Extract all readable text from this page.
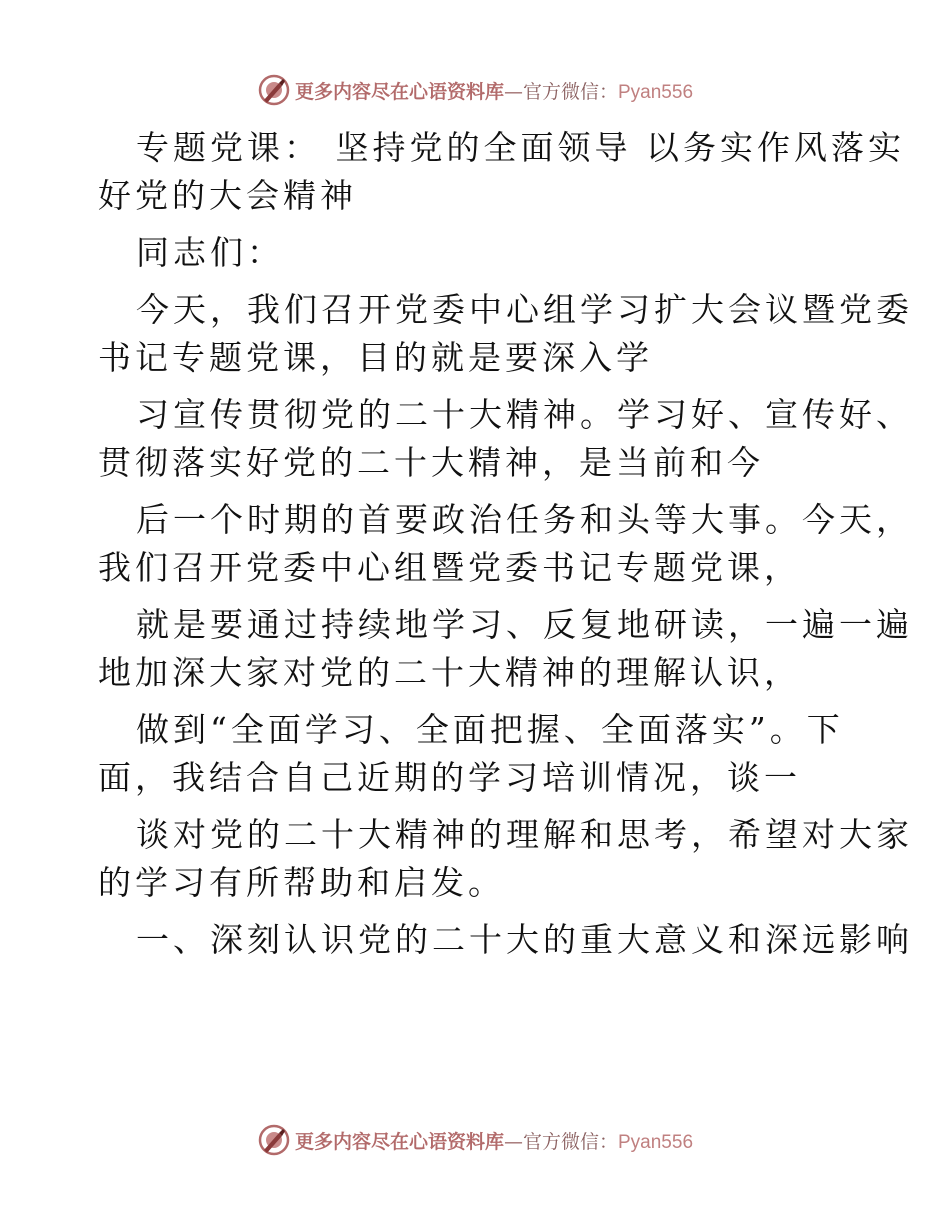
更多内容尽在心语资料库—官方微信：Pyan556

专题党课： 坚持党的全面领导 以务实作风落实

好党的大会精神

同志们：

今天，我们召开党委中心组学习扩大会议暨党委

书记专题党课，目的就是要深入学

习宣传贯彻党的二十大精神。学习好、宣传好、

贯彻落实好党的二十大精神，是当前和今

后一个时期的首要政治任务和头等大事。今天，

我们召开党委中心组暨党委书记专题党课，

就是要通过持续地学习、反复地研读，一遍一遍

地加深大家对党的二十大精神的理解认识，

做到“全面学习、全面把握、全面落实”。下

面，我结合自己近期的学习培训情况，谈一

谈对党的二十大精神的理解和思考，希望对大家

的学习有所帮助和启发。

一、深刻认识党的二十大的重大意义和深远影响

更多内容尽在心语资料库—官方微信：Pyan556
